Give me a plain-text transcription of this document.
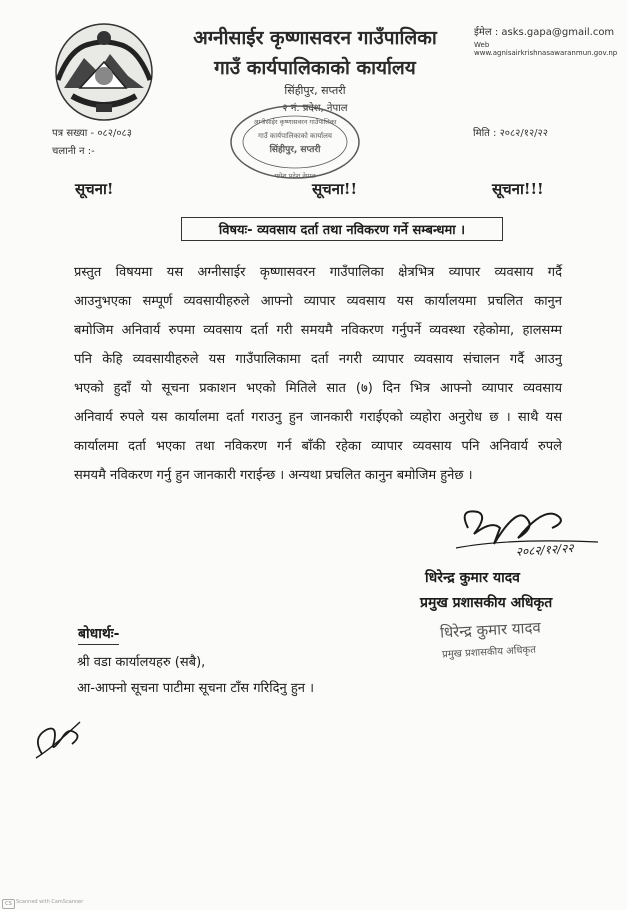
अग्नीसाईर कृष्णासवरन गाउँपालिका
गाउँ कार्यपालिकाको कार्यालय
सिंहीपुर, सप्तरी
२ नं. प्रदेश, नेपाल
ईमेल : asks.gapa@gmail.com
Web www.agnisairkrishnasawaranmun.gov.np
अग्नीसाईर कृष्णासवरन गाउँपालिका
गाउँ कार्यपालिकाको कार्यालय
सिंहीपुर, सप्तरी
मधेश प्रदेश नेपाल
पत्र सख्या - ०८२/०८३
चलानी न :-
मिति : २०८२/१२/२२
सूचना!	सूचना!!	सूचना!!!
विषयः- व्यवसाय दर्ता तथा नविकरण गर्ने सम्बन्धमा ।
प्रस्तुत विषयमा यस अग्नीसाईर कृष्णासवरन गाउँपालिका क्षेत्रभित्र व्यापार व्यवसाय गर्दै
आउनुभएका सम्पूर्ण व्यवसायीहरुले आफ्नो व्यापार व्यवसाय यस कार्यालयमा प्रचलित कानुन
बमोजिम अनिवार्य रुपमा व्यवसाय दर्ता गरी समयमै नविकरण गर्नुपर्ने व्यवस्था रहेकोमा, हालसम्म
पनि केहि व्यवसायीहरुले यस गाउँपालिकामा दर्ता नगरी व्यापार व्यवसाय संचालन गर्दै आउनु
भएको हुदाँ यो सूचना प्रकाशन भएको मितिले सात (७) दिन भित्र आफ्नो व्यापार व्यवसाय
अनिवार्य रुपले यस कार्यालमा दर्ता गराउनु हुन जानकारी गराईएको व्यहोरा अनुरोध छ । साथै यस
कार्यालमा दर्ता भएका तथा नविकरण गर्न बाँकी रहेका व्यापार व्यवसाय पनि अनिवार्य रुपले
समयमै नविकरण गर्नु हुन जानकारी गराईन्छ । अन्यथा प्रचलित कानुन बमोजिम हुनेछ ।
२०८२/१२/२२
धिरेन्द्र कुमार यादव
प्रमुख प्रशासकीय अधिकृत
धिरेन्द्र कुमार यादव
प्रमुख प्रशासकीय अधिकृत
बोधार्थः-
श्री वडा कार्यालयहरु (सबै),
आ-आफ्नो सूचना पाटीमा सूचना टाँस गरिदिनु हुन ।
CS Scanned with CamScanner
